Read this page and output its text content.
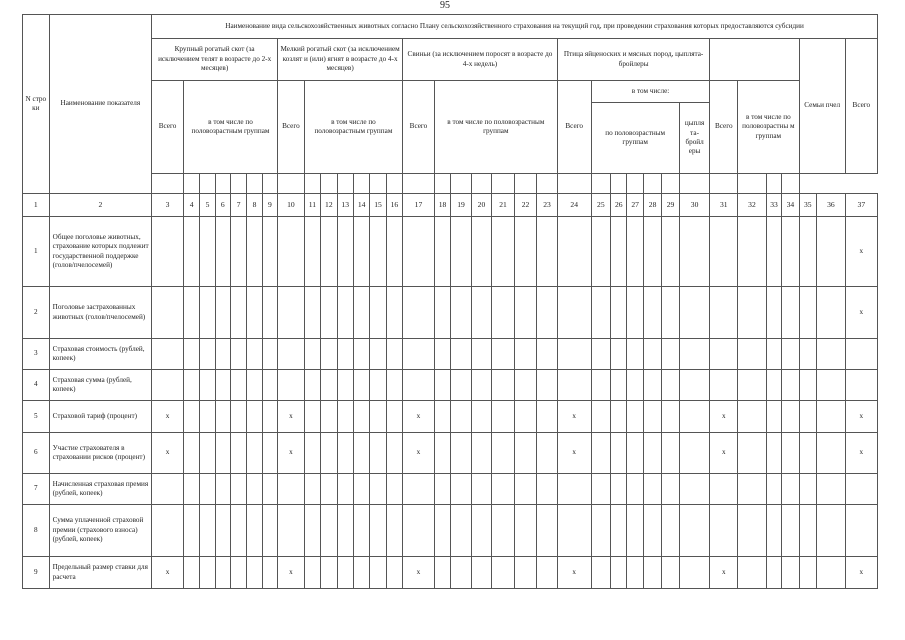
95
N стро ки	Наименование показателя	Наименование вида сельскохозяйственных животных согласно Плану сельскохозяйственного страхования на текущий год, при проведении страхования которых предоставляются субсидии																																		
		Крупный рогатый скот (за исключением телят в возрасте до 2-х месяцев)							Мелкий рогатый скот (за исключением козлят и (или) ягнят в возрасте до 4-х месяцев)							Свиньи (за исключением поросят в возрасте до 4-х недель)							Птица яйценоских и мясных пород, цыплята-бройлеры											Семьи пчел		Всего
		Всего	в том числе по половозрастным группам						Всего	в том числе по половозрастным группам						Всего	в том числе по половозрастным группам						Всего	в том числе:						Всего	в том числе по половозрастны м группам					
																								по половозрастным группам					цыпля та- бройл еры							

1	2	3	4	5	6	7	8	9	10	11	12	13	14	15	16	17	18	19	20	21	22	23	24	25	26	27	28	29	30	31	32	33	34	35	36	37
1	Общее поголовье животных, страхование которых подлежит государственной поддержке (голов/пчелосемей)																																			x
2	Поголовье застрахованных животных (голов/пчелосемей)																																			x
3	Страховая стоимость (рублей, копеек)																																			
4	Страховая сумма (рублей, копеек)																																			
5	Страховой тариф (процент)	x							x							x							x							x						x
6	Участие страхователя в страховании рисков (процент)	x							x							x							x							x						x
7	Начисленная страховая премия (рублей, копеек)																																			
8	Сумма уплаченной страховой премии (страхового взноса) (рублей, копеек)																																			
9	Предельный размер ставки для расчета	x							x							x							x							x						x
